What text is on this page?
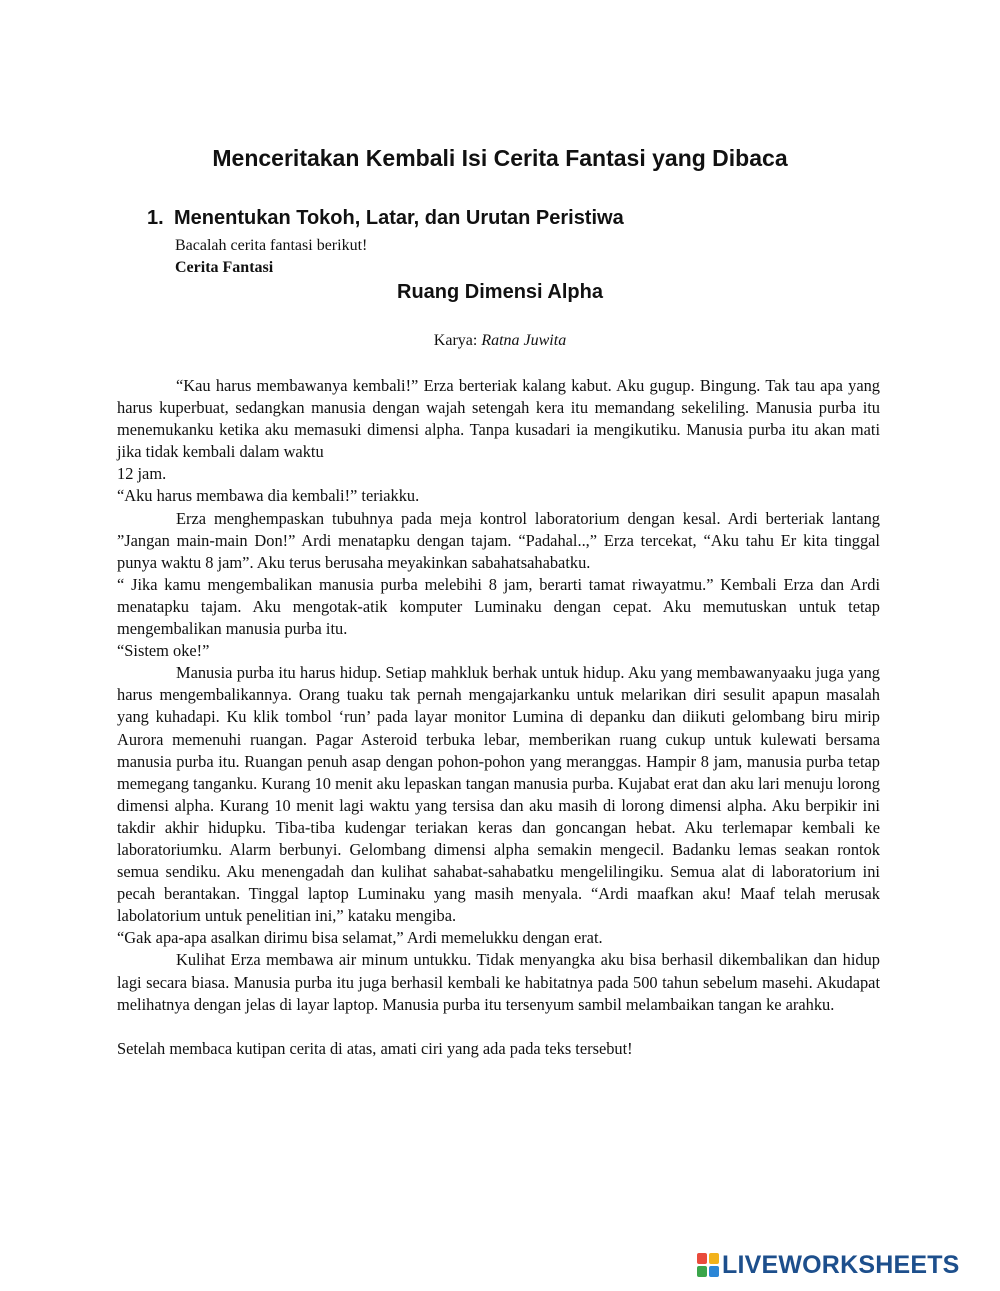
Menceritakan Kembali Isi Cerita Fantasi yang Dibaca
1. Menentukan Tokoh, Latar, dan Urutan Peristiwa

Bacalah cerita fantasi berikut!

Cerita Fantasi

Ruang Dimensi Alpha

Karya: Ratna Juwita

“Kau harus membawanya kembali!” Erza berteriak kalang kabut. Aku gugup. Bingung. Tak tau apa yang harus kuperbuat, sedangkan manusia dengan wajah setengah kera itu memandang sekeliling. Manusia purba itu menemukanku ketika aku memasuki dimensi alpha. Tanpa kusadari ia mengikutiku. Manusia purba itu akan mati jika tidak kembali dalam waktu

12 jam.

“Aku harus membawa dia kembali!” teriakku.

Erza menghempaskan tubuhnya pada meja kontrol laboratorium dengan kesal. Ardi berteriak lantang ”Jangan main-main Don!” Ardi menatapku dengan tajam. “Padahal..,” Erza tercekat, “Aku tahu Er kita tinggal punya waktu 8 jam”. Aku terus berusaha meyakinkan sabahatsahabatku.

“ Jika kamu mengembalikan manusia purba melebihi 8 jam, berarti tamat riwayatmu.” Kembali Erza dan Ardi menatapku tajam. Aku mengotak-atik komputer Luminaku dengan cepat. Aku memutuskan untuk tetap mengembalikan manusia purba itu.

“Sistem oke!”

Manusia purba itu harus hidup. Setiap mahkluk berhak untuk hidup. Aku yang membawanyaaku juga yang harus mengembalikannya. Orang tuaku tak pernah mengajarkanku untuk melarikan diri sesulit apapun masalah yang kuhadapi. Ku klik tombol ‘run’ pada layar monitor Lumina di depanku dan diikuti gelombang biru mirip Aurora memenuhi ruangan. Pagar Asteroid terbuka lebar, memberikan ruang cukup untuk kulewati bersama manusia purba itu. Ruangan penuh asap dengan pohon-pohon yang meranggas. Hampir 8 jam, manusia purba tetap memegang tanganku. Kurang 10 menit aku lepaskan tangan manusia purba. Kujabat erat dan aku lari menuju lorong dimensi alpha. Kurang 10 menit lagi waktu yang tersisa dan aku masih di lorong dimensi alpha. Aku berpikir ini takdir akhir hidupku. Tiba-tiba kudengar teriakan keras dan goncangan hebat. Aku terlemapar kembali ke laboratoriumku. Alarm berbunyi. Gelombang dimensi alpha semakin mengecil. Badanku lemas seakan rontok semua sendiku. Aku menengadah dan kulihat sahabat-sahabatku mengelilingiku. Semua alat di laboratorium ini pecah berantakan. Tinggal laptop Luminaku yang masih menyala. “Ardi maafkan aku! Maaf telah merusak labolatorium untuk penelitian ini,” kataku mengiba.

“Gak apa-apa asalkan dirimu bisa selamat,” Ardi memelukku dengan erat.

Kulihat Erza membawa air minum untukku. Tidak menyangka aku bisa berhasil dikembalikan dan hidup lagi secara biasa. Manusia purba itu juga berhasil kembali ke habitatnya pada 500 tahun sebelum masehi. Akudapat melihatnya dengan jelas di layar laptop. Manusia purba itu tersenyum sambil melambaikan tangan ke arahku.

Setelah membaca kutipan cerita di atas, amati ciri yang ada pada teks tersebut!

LIVEWORKSHEETS
